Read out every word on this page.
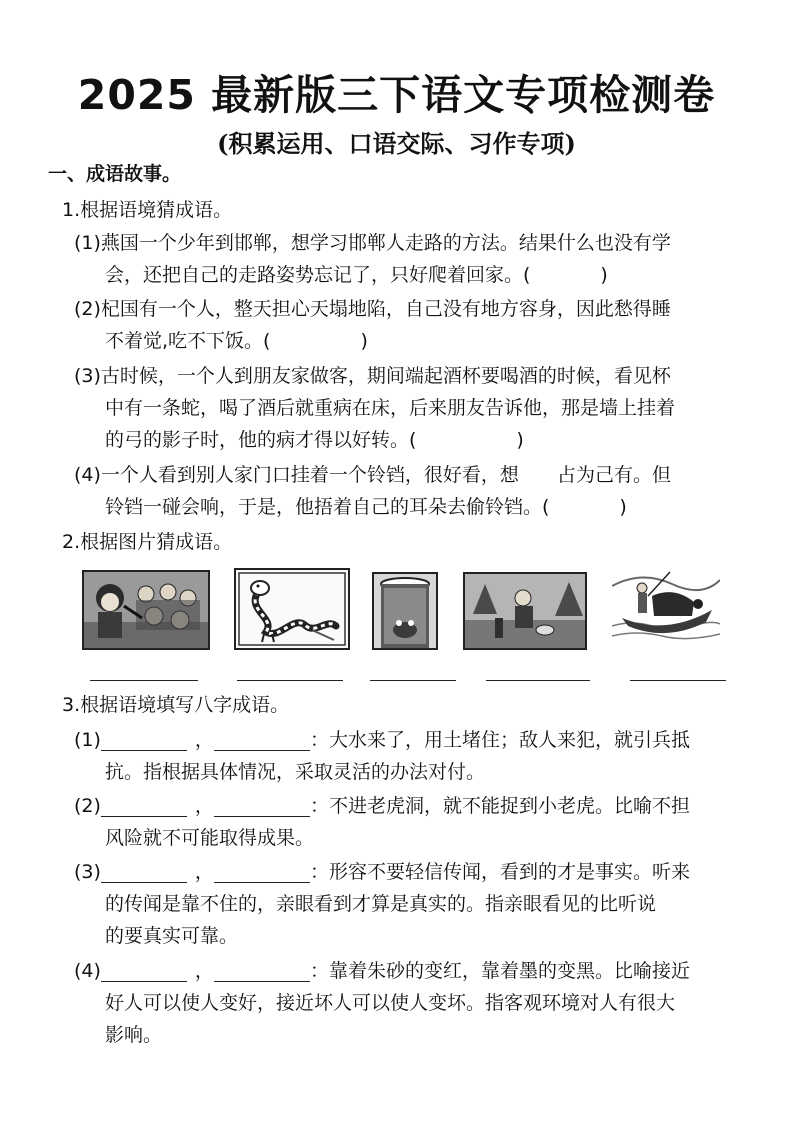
2025 最新版三下语文专项检测卷
(积累运用、口语交际、习作专项)
一、成语故事。
1.根据语境猜成语。
(1)燕国一个少年到邯郸，想学习邯郸人走路的方法。结果什么也没有学
会，还把自己的走路姿势忘记了，只好爬着回家。(	)
(2)杞国有一个人，整天担心天塌地陷，自己没有地方容身，因此愁得睡
不着觉,吃不下饭。(	)
(3)古时候，一个人到朋友家做客，期间端起酒杯要喝酒的时候，看见杯
中有一条蛇，喝了酒后就重病在床，后来朋友告诉他，那是墙上挂着
的弓的影子时，他的病才得以好转。(	)
(4)一个人看到别人家门口挂着一个铃铛，很好看，想 占为己有。但
铃铛一碰会响，于是，他捂着自己的耳朵去偷铃铛。(	)
2.根据图片猜成语。
3.根据语境填写八字成语。
(1)	，	：大水来了，用土堵住；敌人来犯，就引兵抵
抗。指根据具体情况，采取灵活的办法对付。
(2)	，	：不进老虎洞，就不能捉到小老虎。比喻不担
风险就不可能取得成果。
(3)	，	：形容不要轻信传闻，看到的才是事实。听来
的传闻是靠不住的，亲眼看到才算是真实的。指亲眼看见的比听说
的要真实可靠。
(4)	，	：靠着朱砂的变红，靠着墨的变黑。比喻接近
好人可以使人变好，接近坏人可以使人变坏。指客观环境对人有很大
影响。
